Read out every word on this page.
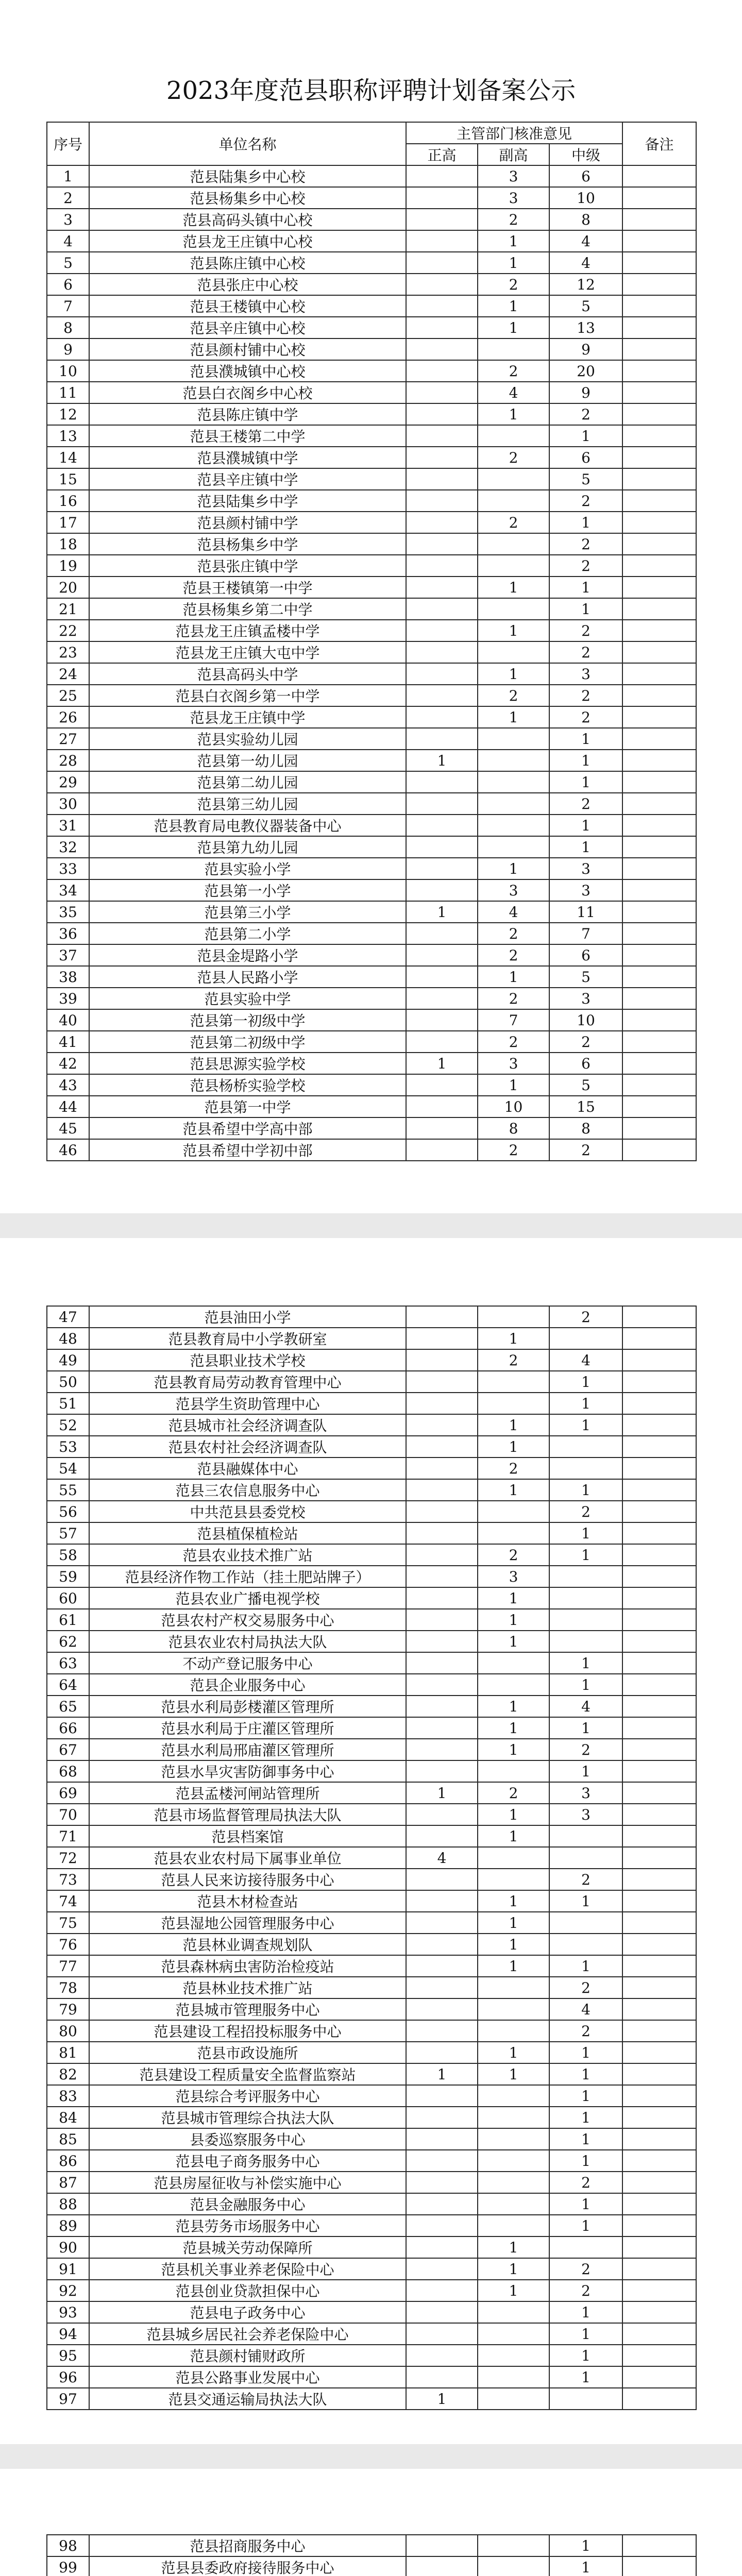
2023年度范县职称评聘计划备案公示
序号	单位名称	主管部门核准意见			备注
		正高	副高	中级	
1	范县陆集乡中心校		3	6	
2	范县杨集乡中心校		3	10	
3	范县高码头镇中心校		2	8	
4	范县龙王庄镇中心校		1	4	
5	范县陈庄镇中心校		1	4	
6	范县张庄中心校		2	12	
7	范县王楼镇中心校		1	5	
8	范县辛庄镇中心校		1	13	
9	范县颜村铺中心校			9	
10	范县濮城镇中心校		2	20	
11	范县白衣阁乡中心校		4	9	
12	范县陈庄镇中学		1	2	
13	范县王楼第二中学			1	
14	范县濮城镇中学		2	6	
15	范县辛庄镇中学			5	
16	范县陆集乡中学			2	
17	范县颜村铺中学		2	1	
18	范县杨集乡中学			2	
19	范县张庄镇中学			2	
20	范县王楼镇第一中学		1	1	
21	范县杨集乡第二中学			1	
22	范县龙王庄镇孟楼中学		1	2	
23	范县龙王庄镇大屯中学			2	
24	范县高码头中学		1	3	
25	范县白衣阁乡第一中学		2	2	
26	范县龙王庄镇中学		1	2	
27	范县实验幼儿园			1	
28	范县第一幼儿园	1		1	
29	范县第二幼儿园			1	
30	范县第三幼儿园			2	
31	范县教育局电教仪器装备中心			1	
32	范县第九幼儿园			1	
33	范县实验小学		1	3	
34	范县第一小学		3	3	
35	范县第三小学	1	4	11	
36	范县第二小学		2	7	
37	范县金堤路小学		2	6	
38	范县人民路小学		1	5	
39	范县实验中学		2	3	
40	范县第一初级中学		7	10	
41	范县第二初级中学		2	2	
42	范县思源实验学校	1	3	6	
43	范县杨桥实验学校		1	5	
44	范县第一中学		10	15	
45	范县希望中学高中部		8	8	
46	范县希望中学初中部		2	2	
47	范县油田小学			2	
48	范县教育局中小学教研室		1		
49	范县职业技术学校		2	4	
50	范县教育局劳动教育管理中心			1	
51	范县学生资助管理中心			1	
52	范县城市社会经济调查队		1	1	
53	范县农村社会经济调查队		1		
54	范县融媒体中心		2		
55	范县三农信息服务中心		1	1	
56	中共范县县委党校			2	
57	范县植保植检站			1	
58	范县农业技术推广站		2	1	
59	范县经济作物工作站（挂土肥站牌子）		3		
60	范县农业广播电视学校		1		
61	范县农村产权交易服务中心		1		
62	范县农业农村局执法大队		1		
63	不动产登记服务中心			1	
64	范县企业服务中心			1	
65	范县水利局彭楼灌区管理所		1	4	
66	范县水利局于庄灌区管理所		1	1	
67	范县水利局邢庙灌区管理所		1	2	
68	范县水旱灾害防御事务中心			1	
69	范县孟楼河闸站管理所	1	2	3	
70	范县市场监督管理局执法大队		1	3	
71	范县档案馆		1		
72	范县农业农村局下属事业单位	4			
73	范县人民来访接待服务中心			2	
74	范县木材检查站		1	1	
75	范县湿地公园管理服务中心		1		
76	范县林业调查规划队		1		
77	范县森林病虫害防治检疫站		1	1	
78	范县林业技术推广站			2	
79	范县城市管理服务中心			4	
80	范县建设工程招投标服务中心			2	
81	范县市政设施所		1	1	
82	范县建设工程质量安全监督监察站	1	1	1	
83	范县综合考评服务中心			1	
84	范县城市管理综合执法大队			1	
85	县委巡察服务中心			1	
86	范县电子商务服务中心			1	
87	范县房屋征收与补偿实施中心			2	
88	范县金融服务中心			1	
89	范县劳务市场服务中心			1	
90	范县城关劳动保障所		1		
91	范县机关事业养老保险中心		1	2	
92	范县创业贷款担保中心		1	2	
93	范县电子政务中心			1	
94	范县城乡居民社会养老保险中心			1	
95	范县颜村铺财政所			1	
96	范县公路事业发展中心			1	
97	范县交通运输局执法大队	1			
98	范县招商服务中心			1	
99	范县县委政府接待服务中心			1	
